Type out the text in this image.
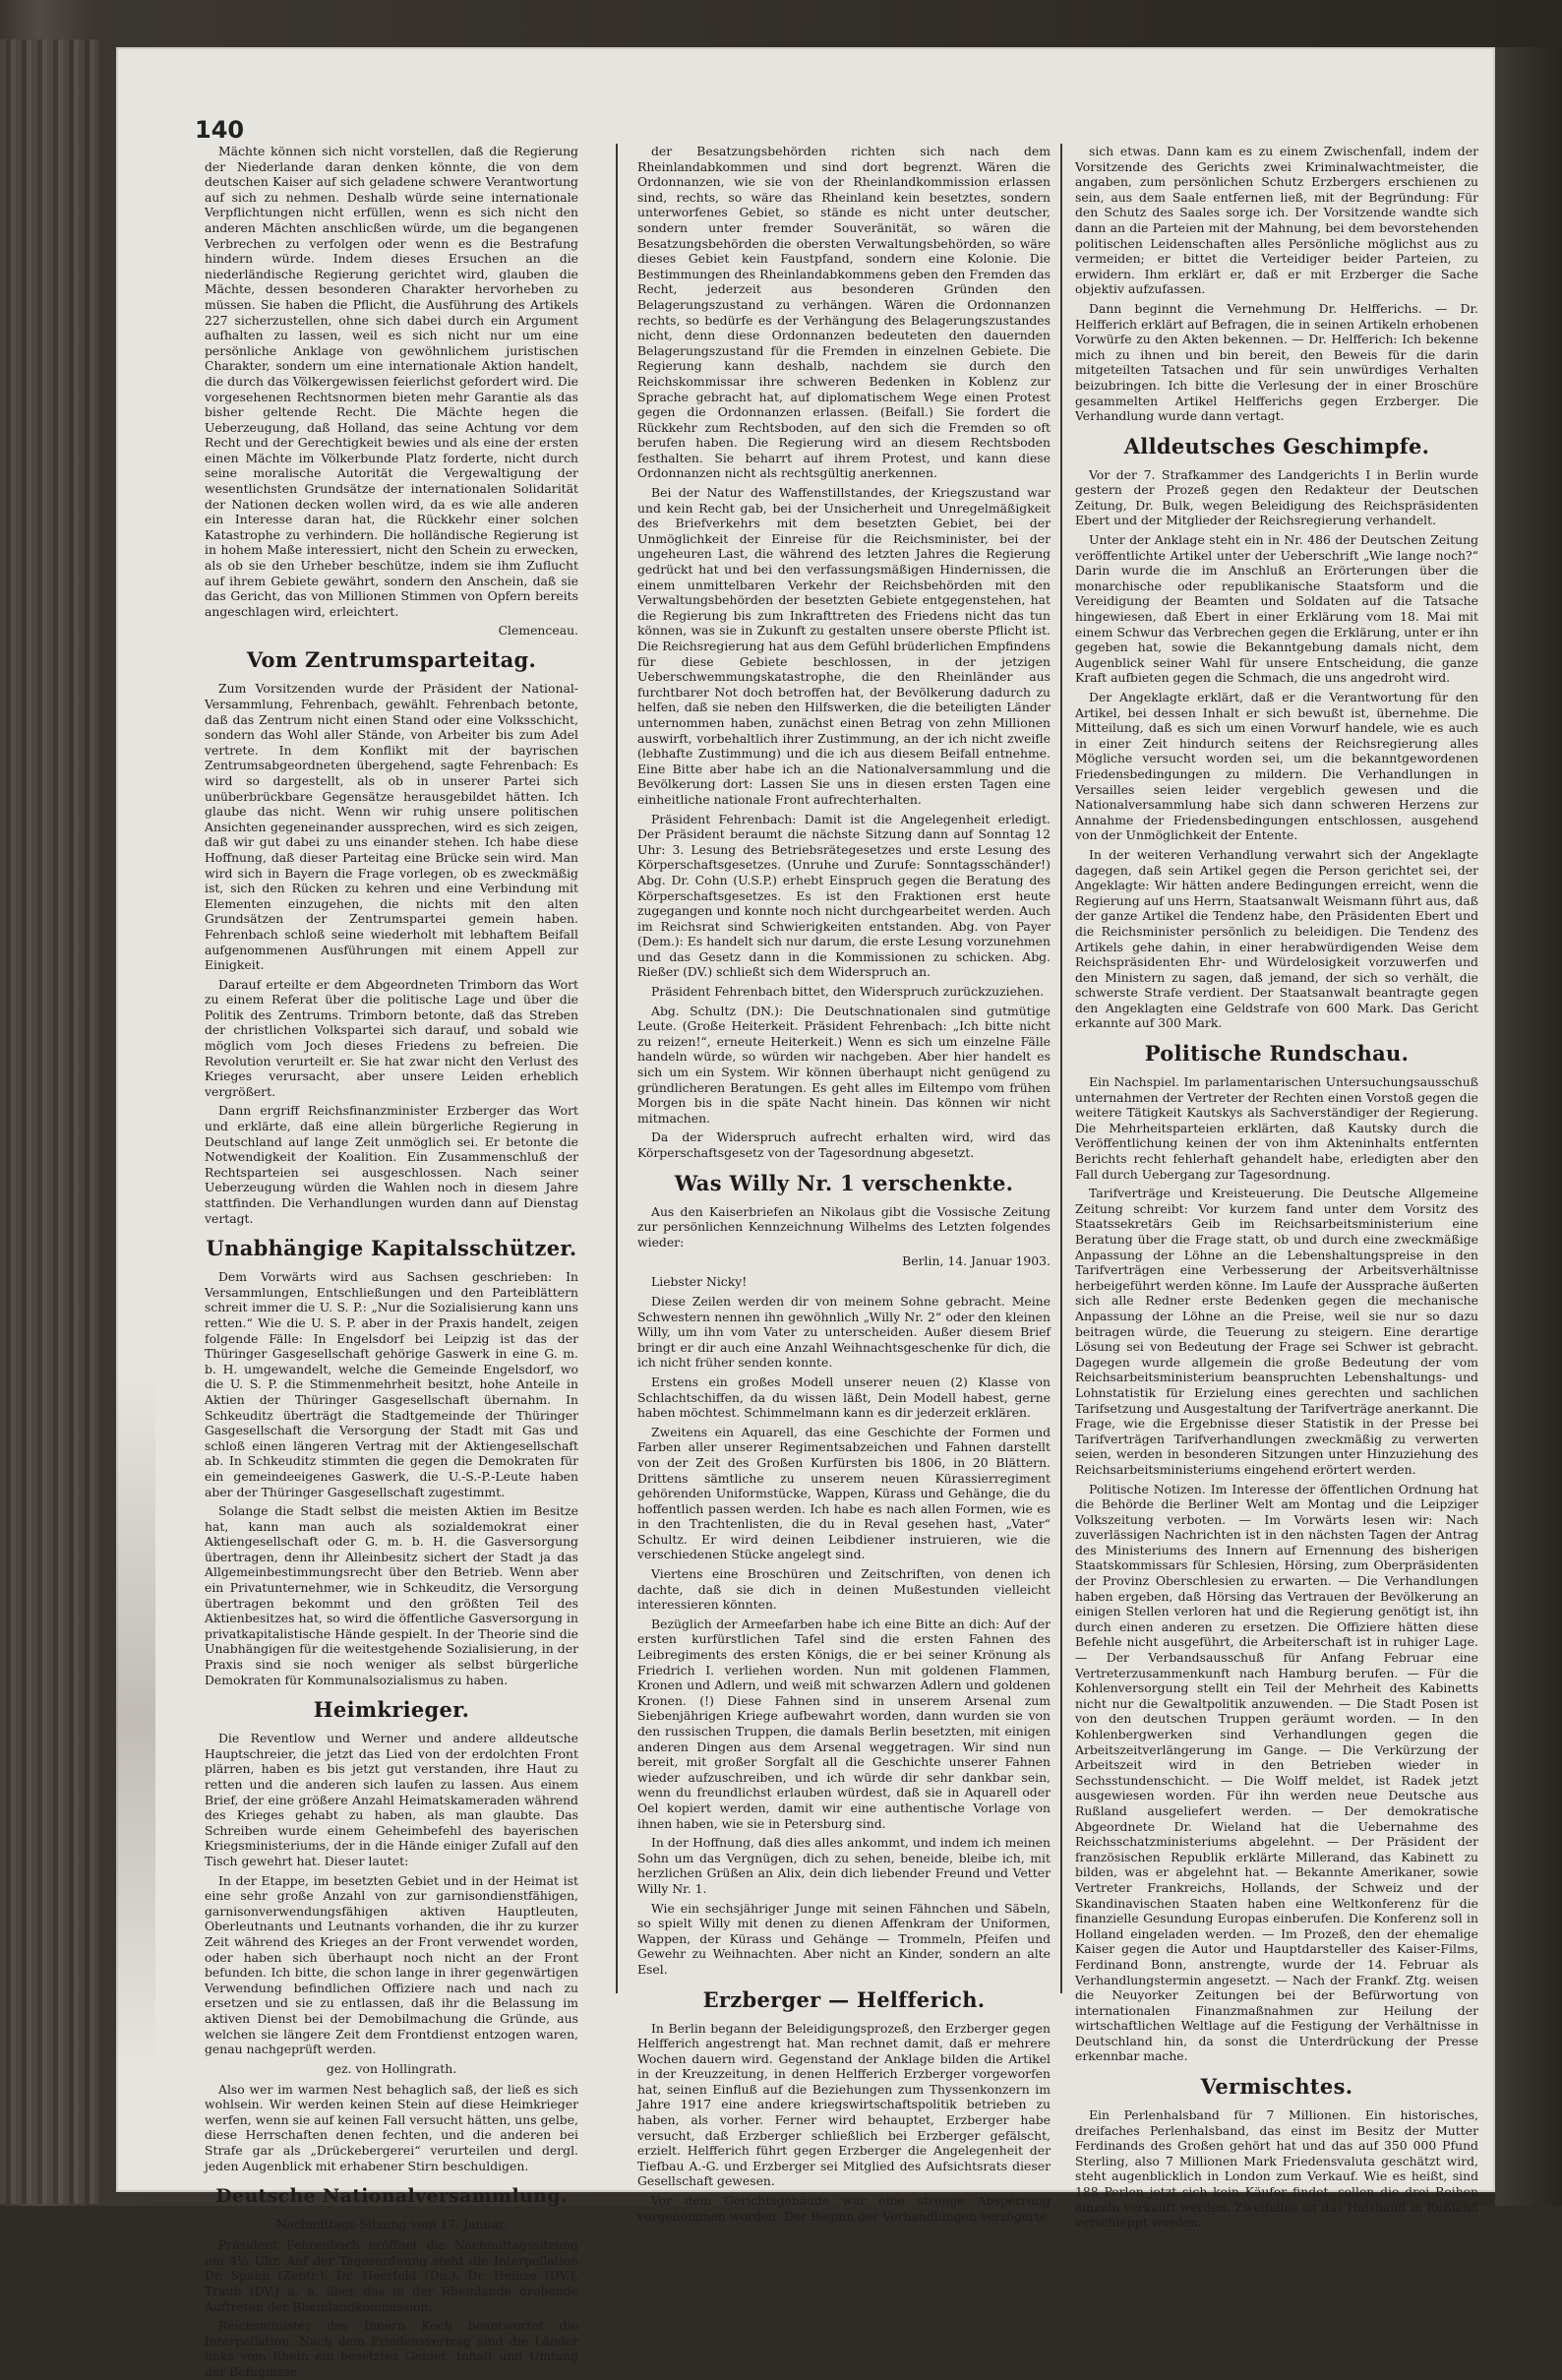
140

Mächte können sich nicht vorstellen, daß die Regierung der Niederlande daran denken könnte, die von dem deutschen Kaiser auf sich geladene schwere Verantwortung auf sich zu nehmen. Deshalb würde seine internationale Verpflichtungen nicht erfüllen, wenn es sich nicht den anderen Mächten anschlicßen würde, um die begangenen Verbrechen zu verfolgen oder wenn es die Bestrafung hindern würde. Indem dieses Ersuchen an die niederländische Regierung gerichtet wird, glauben die Mächte, dessen besonderen Charakter hervorheben zu müssen. Sie haben die Pflicht, die Ausführung des Artikels 227 sicherzustellen, ohne sich dabei durch ein Argument aufhalten zu lassen, weil es sich nicht nur um eine persönliche Anklage von gewöhnlichem juristischen Charakter, sondern um eine internationale Aktion handelt, die durch das Völkergewissen feierlichst gefordert wird. Die vorgesehenen Rechtsnormen bieten mehr Garantie als das bisher geltende Recht. Die Mächte hegen die Ueberzeugung, daß Holland, das seine Achtung vor dem Recht und der Gerechtigkeit bewies und als eine der ersten einen Mächte im Völkerbunde Platz forderte, nicht durch seine moralische Autorität die Vergewaltigung der wesentlichsten Grundsätze der internationalen Solidarität der Nationen decken wollen wird, da es wie alle anderen ein Interesse daran hat, die Rückkehr einer solchen Katastrophe zu verhindern. Die holländische Regierung ist in hohem Maße interessiert, nicht den Schein zu erwecken, als ob sie den Urheber beschütze, indem sie ihm Zuflucht auf ihrem Gebiete gewährt, sondern den Anschein, daß sie das Gericht, das von Millionen Stimmen von Opfern bereits angeschlagen wird, erleichtert.

Clemenceau.

Vom Zentrumsparteitag.

Zum Vorsitzenden wurde der Präsident der National-Versammlung, Fehrenbach, gewählt. Fehrenbach betonte, daß das Zentrum nicht einen Stand oder eine Volksschicht, sondern das Wohl aller Stände, von Arbeiter bis zum Adel vertrete. In dem Konflikt mit der bayrischen Zentrumsabgeordneten übergehend, sagte Fehrenbach: Es wird so dargestellt, als ob in unserer Partei sich unüberbrückbare Gegensätze herausgebildet hätten. Ich glaube das nicht. Wenn wir ruhig unsere politischen Ansichten gegeneinander aussprechen, wird es sich zeigen, daß wir gut dabei zu uns einander stehen. Ich habe diese Hoffnung, daß dieser Parteitag eine Brücke sein wird. Man wird sich in Bayern die Frage vorlegen, ob es zweckmäßig ist, sich den Rücken zu kehren und eine Verbindung mit Elementen einzugehen, die nichts mit den alten Grundsätzen der Zentrumspartei gemein haben. Fehrenbach schloß seine wiederholt mit lebhaftem Beifall aufgenommenen Ausführungen mit einem Appell zur Einigkeit.

Darauf erteilte er dem Abgeordneten Trimborn das Wort zu einem Referat über die politische Lage und über die Politik des Zentrums. Trimborn betonte, daß das Streben der christlichen Volkspartei sich darauf, und sobald wie möglich vom Joch dieses Friedens zu befreien. Die Revolution verurteilt er. Sie hat zwar nicht den Verlust des Krieges verursacht, aber unsere Leiden erheblich vergrößert.

Dann ergriff Reichsfinanzminister Erzberger das Wort und erklärte, daß eine allein bürgerliche Regierung in Deutschland auf lange Zeit unmöglich sei. Er betonte die Notwendigkeit der Koalition. Ein Zusammenschluß der Rechtsparteien sei ausgeschlossen. Nach seiner Ueberzeugung würden die Wahlen noch in diesem Jahre stattfinden. Die Verhandlungen wurden dann auf Dienstag vertagt.

Unabhängige Kapitalsschützer.

Dem Vorwärts wird aus Sachsen geschrieben: In Versammlungen, Entschließungen und den Parteiblättern schreit immer die U. S. P.: „Nur die Sozialisierung kann uns retten.“ Wie die U. S. P. aber in der Praxis handelt, zeigen folgende Fälle: In Engelsdorf bei Leipzig ist das der Thüringer Gasgesellschaft gehörige Gaswerk in eine G. m. b. H. umgewandelt, welche die Gemeinde Engelsdorf, wo die U. S. P. die Stimmenmehrheit besitzt, hohe Anteile in Aktien der Thüringer Gasgesellschaft übernahm. In Schkeuditz überträgt die Stadtgemeinde der Thüringer Gasgesellschaft die Versorgung der Stadt mit Gas und schloß einen längeren Vertrag mit der Aktiengesellschaft ab. In Schkeuditz stimmten die gegen die Demokraten für ein gemeindeeigenes Gaswerk, die U.-S.-P.-Leute haben aber der Thüringer Gasgesellschaft zugestimmt.

Solange die Stadt selbst die meisten Aktien im Besitze hat, kann man auch als sozialdemokrat einer Aktiengesellschaft oder G. m. b. H. die Gasversorgung übertragen, denn ihr Alleinbesitz sichert der Stadt ja das Allgemeinbestimmungsrecht über den Betrieb. Wenn aber ein Privatunternehmer, wie in Schkeuditz, die Versorgung übertragen bekommt und den größten Teil des Aktienbesitzes hat, so wird die öffentliche Gasversorgung in privatkapitalistische Hände gespielt. In der Theorie sind die Unabhängigen für die weitestgehende Sozialisierung, in der Praxis sind sie noch weniger als selbst bürgerliche Demokraten für Kommunalsozialismus zu haben.

Heimkrieger.

Die Reventlow und Werner und andere alldeutsche Hauptschreier, die jetzt das Lied von der erdolchten Front plärren, haben es bis jetzt gut verstanden, ihre Haut zu retten und die anderen sich laufen zu lassen. Aus einem Brief, der eine größere Anzahl Heimatskameraden während des Krieges gehabt zu haben, als man glaubte. Das Schreiben wurde einem Geheimbefehl des bayerischen Kriegsministeriums, der in die Hände einiger Zufall auf den Tisch gewehrt hat. Dieser lautet:

In der Etappe, im besetzten Gebiet und in der Heimat ist eine sehr große Anzahl von zur garnisondienstfähigen, garnisonverwendungsfähigen aktiven Hauptleuten, Oberleutnants und Leutnants vorhanden, die ihr zu kurzer Zeit während des Krieges an der Front verwendet worden, oder haben sich überhaupt noch nicht an der Front befunden. Ich bitte, die schon lange in ihrer gegenwärtigen Verwendung befindlichen Offiziere nach und nach zu ersetzen und sie zu entlassen, daß ihr die Belassung im aktiven Dienst bei der Demobilmachung die Gründe, aus welchen sie längere Zeit dem Frontdienst entzogen waren, genau nachgeprüft werden.

gez. von Hollingrath.

Also wer im warmen Nest behaglich saß, der ließ es sich wohlsein. Wir werden keinen Stein auf diese Heimkrieger werfen, wenn sie auf keinen Fall versucht hätten, uns gelbe, diese Herrschaften denen fechten, und die anderen bei Strafe gar als „Drückebergerei“ verurteilen und dergl. jeden Augenblick mit erhabener Stirn beschuldigen.

Deutsche Nationalversammlung.

Nachmittags-Sitzung vom 17. Januar.

Präsident Fehrenbach eröffnet die Nachmittagssitzung um 4½ Uhr. Auf der Tagesordnung steht die Interpellation Dr. Spahn (Zentr.), Dr. Heerfeld (Dn.), Dr. Heinze (DV.), Traub (DV.) u. a. über das in der Rheinlande drohende Auftreten der Rheinlandkommission.

Reichsminister des Innern Koch beantwortet die Interpellation. Nach dem Friedensvertrag sind die Länder links vom Rhein ein besetztes Gebiet. Inhalt und Umfang der Befugnisse

der Besatzungsbehörden richten sich nach dem Rheinlandabkommen und sind dort begrenzt. Wären die Ordonnanzen, wie sie von der Rheinlandkommission erlassen sind, rechts, so wäre das Rheinland kein besetztes, sondern unterworfenes Gebiet, so stände es nicht unter deutscher, sondern unter fremder Souveränität, so wären die Besatzungsbehörden die obersten Verwaltungsbehörden, so wäre dieses Gebiet kein Faustpfand, sondern eine Kolonie. Die Bestimmungen des Rheinlandabkommens geben den Fremden das Recht, jederzeit aus besonderen Gründen den Belagerungszustand zu verhängen. Wären die Ordonnanzen rechts, so bedürfe es der Verhängung des Belagerungszustandes nicht, denn diese Ordonnanzen bedeuteten den dauernden Belagerungszustand für die Fremden in einzelnen Gebiete. Die Regierung kann deshalb, nachdem sie durch den Reichskommissar ihre schweren Bedenken in Koblenz zur Sprache gebracht hat, auf diplomatischem Wege einen Protest gegen die Ordonnanzen erlassen. (Beifall.) Sie fordert die Rückkehr zum Rechtsboden, auf den sich die Fremden so oft berufen haben. Die Regierung wird an diesem Rechtsboden festhalten. Sie beharrt auf ihrem Protest, und kann diese Ordonnanzen nicht als rechtsgültig anerkennen.

Bei der Natur des Waffenstillstandes, der Kriegszustand war und kein Recht gab, bei der Unsicherheit und Unregelmäßigkeit des Briefverkehrs mit dem besetzten Gebiet, bei der Unmöglichkeit der Einreise für die Reichsminister, bei der ungeheuren Last, die während des letzten Jahres die Regierung gedrückt hat und bei den verfassungsmäßigen Hindernissen, die einem unmittelbaren Verkehr der Reichsbehörden mit den Verwaltungsbehörden der besetzten Gebiete entgegenstehen, hat die Regierung bis zum Inkrafttreten des Friedens nicht das tun können, was sie in Zukunft zu gestalten unsere oberste Pflicht ist. Die Reichsregierung hat aus dem Gefühl brüderlichen Empfindens für diese Gebiete beschlossen, in der jetzigen Ueberschwemmungskatastrophe, die den Rheinländer aus furchtbarer Not doch betroffen hat, der Bevölkerung dadurch zu helfen, daß sie neben den Hilfswerken, die die beteiligten Länder unternommen haben, zunächst einen Betrag von zehn Millionen auswirft, vorbehaltlich ihrer Zustimmung, an der ich nicht zweifle (lebhafte Zustimmung) und die ich aus diesem Beifall entnehme. Eine Bitte aber habe ich an die Nationalversammlung und die Bevölkerung dort: Lassen Sie uns in diesen ersten Tagen eine einheitliche nationale Front aufrechterhalten.

Präsident Fehrenbach: Damit ist die Angelegenheit erledigt. Der Präsident beraumt die nächste Sitzung dann auf Sonntag 12 Uhr: 3. Lesung des Betriebsrätegesetzes und erste Lesung des Körperschaftsgesetzes. (Unruhe und Zurufe: Sonntagsschänder!) Abg. Dr. Cohn (U.S.P.) erhebt Einspruch gegen die Beratung des Körperschaftsgesetzes. Es ist den Fraktionen erst heute zugegangen und konnte noch nicht durchgearbeitet werden. Auch im Reichsrat sind Schwierigkeiten entstanden. Abg. von Payer (Dem.): Es handelt sich nur darum, die erste Lesung vorzunehmen und das Gesetz dann in die Kommissionen zu schicken. Abg. Rießer (DV.) schließt sich dem Widerspruch an.

Präsident Fehrenbach bittet, den Widerspruch zurückzuziehen.

Abg. Schultz (DN.): Die Deutschnationalen sind gutmütige Leute. (Große Heiterkeit. Präsident Fehrenbach: „Ich bitte nicht zu reizen!“, erneute Heiterkeit.) Wenn es sich um einzelne Fälle handeln würde, so würden wir nachgeben. Aber hier handelt es sich um ein System. Wir können überhaupt nicht genügend zu gründlicheren Beratungen. Es geht alles im Eiltempo vom frühen Morgen bis in die späte Nacht hinein. Das können wir nicht mitmachen.

Da der Widerspruch aufrecht erhalten wird, wird das Körperschaftsgesetz von der Tagesordnung abgesetzt.

Was Willy Nr. 1 verschenkte.

Aus den Kaiserbriefen an Nikolaus gibt die Vossische Zeitung zur persönlichen Kennzeichnung Wilhelms des Letzten folgendes wieder:

Berlin, 14. Januar 1903.

Liebster Nicky!

Diese Zeilen werden dir von meinem Sohne gebracht. Meine Schwestern nennen ihn gewöhnlich „Willy Nr. 2“ oder den kleinen Willy, um ihn vom Vater zu unterscheiden. Außer diesem Brief bringt er dir auch eine Anzahl Weihnachtsgeschenke für dich, die ich nicht früher senden konnte.

Erstens ein großes Modell unserer neuen (2) Klasse von Schlachtschiffen, da du wissen läßt, Dein Modell habest, gerne haben möchtest. Schimmelmann kann es dir jederzeit erklären.

Zweitens ein Aquarell, das eine Geschichte der Formen und Farben aller unserer Regimentsabzeichen und Fahnen darstellt von der Zeit des Großen Kurfürsten bis 1806, in 20 Blättern. Drittens sämtliche zu unserem neuen Kürassierregiment gehörenden Uniformstücke, Wappen, Kürass und Gehänge, die du hoffentlich passen werden. Ich habe es nach allen Formen, wie es in den Trachtenlisten, die du in Reval gesehen hast, „Vater“ Schultz. Er wird deinen Leibdiener instruieren, wie die verschiedenen Stücke angelegt sind.

Viertens eine Broschüren und Zeitschriften, von denen ich dachte, daß sie dich in deinen Mußestunden vielleicht interessieren könnten.

Bezüglich der Armeefarben habe ich eine Bitte an dich: Auf der ersten kurfürstlichen Tafel sind die ersten Fahnen des Leibregiments des ersten Königs, die er bei seiner Krönung als Friedrich I. verliehen worden. Nun mit goldenen Flammen, Kronen und Adlern, und weiß mit schwarzen Adlern und goldenen Kronen. (!) Diese Fahnen sind in unserem Arsenal zum Siebenjährigen Kriege aufbewahrt worden, dann wurden sie von den russischen Truppen, die damals Berlin besetzten, mit einigen anderen Dingen aus dem Arsenal weggetragen. Wir sind nun bereit, mit großer Sorgfalt all die Geschichte unserer Fahnen wieder aufzuschreiben, und ich würde dir sehr dankbar sein, wenn du freundlichst erlauben würdest, daß sie in Aquarell oder Oel kopiert werden, damit wir eine authentische Vorlage von ihnen haben, wie sie in Petersburg sind.

In der Hoffnung, daß dies alles ankommt, und indem ich meinen Sohn um das Vergnügen, dich zu sehen, beneide, bleibe ich, mit herzlichen Grüßen an Alix, dein dich liebender Freund und Vetter Willy Nr. 1.

Wie ein sechsjähriger Junge mit seinen Fähnchen und Säbeln, so spielt Willy mit denen zu dienen Affenkram der Uniformen, Wappen, der Kürass und Gehänge — Trommeln, Pfeifen und Gewehr zu Weihnachten. Aber nicht an Kinder, sondern an alte Esel.

Erzberger — Helfferich.

In Berlin begann der Beleidigungsprozeß, den Erzberger gegen Helfferich angestrengt hat. Man rechnet damit, daß er mehrere Wochen dauern wird. Gegenstand der Anklage bilden die Artikel in der Kreuzzeitung, in denen Helfferich Erzberger vorgeworfen hat, seinen Einfluß auf die Beziehungen zum Thyssenkonzern im Jahre 1917 eine andere kriegswirtschaftspolitik betrieben zu haben, als vorher. Ferner wird behauptet, Erzberger habe versucht, daß Erzberger schließlich bei Erzberger gefälscht, erzielt. Helfferich führt gegen Erzberger die Angelegenheit der Tiefbau A.-G. und Erzberger sei Mitglied des Aufsichtsrats dieser Gesellschaft gewesen.

Vor dem Gerichtsgebäude war eine strenge Absperrung vorgenommen worden. Der Beginn der Verhandlungen verzögerte

sich etwas. Dann kam es zu einem Zwischenfall, indem der Vorsitzende des Gerichts zwei Kriminalwachtmeister, die angaben, zum persönlichen Schutz Erzbergers erschienen zu sein, aus dem Saale entfernen ließ, mit der Begründung: Für den Schutz des Saales sorge ich. Der Vorsitzende wandte sich dann an die Parteien mit der Mahnung, bei dem bevorstehenden politischen Leidenschaften alles Persönliche möglichst aus zu vermeiden; er bittet die Verteidiger beider Parteien, zu erwidern. Ihm erklärt er, daß er mit Erzberger die Sache objektiv aufzufassen.

Dann beginnt die Vernehmung Dr. Helfferichs. — Dr. Helfferich erklärt auf Befragen, die in seinen Artikeln erhobenen Vorwürfe zu den Akten bekennen. — Dr. Helfferich: Ich bekenne mich zu ihnen und bin bereit, den Beweis für die darin mitgeteilten Tatsachen und für sein unwürdiges Verhalten beizubringen. Ich bitte die Verlesung der in einer Broschüre gesammelten Artikel Helfferichs gegen Erzberger. Die Verhandlung wurde dann vertagt.

Alldeutsches Geschimpfe.

Vor der 7. Strafkammer des Landgerichts I in Berlin wurde gestern der Prozeß gegen den Redakteur der Deutschen Zeitung, Dr. Bulk, wegen Beleidigung des Reichspräsidenten Ebert und der Mitglieder der Reichsregierung verhandelt.

Unter der Anklage steht ein in Nr. 486 der Deutschen Zeitung veröffentlichte Artikel unter der Ueberschrift „Wie lange noch?“ Darin wurde die im Anschluß an Erörterungen über die monarchische oder republikanische Staatsform und die Vereidigung der Beamten und Soldaten auf die Tatsache hingewiesen, daß Ebert in einer Erklärung vom 18. Mai mit einem Schwur das Verbrechen gegen die Erklärung, unter er ihn gegeben hat, sowie die Bekanntgebung damals nicht, dem Augenblick seiner Wahl für unsere Entscheidung, die ganze Kraft aufbieten gegen die Schmach, die uns angedroht wird.

Der Angeklagte erklärt, daß er die Verantwortung für den Artikel, bei dessen Inhalt er sich bewußt ist, übernehme. Die Mitteilung, daß es sich um einen Vorwurf handele, wie es auch in einer Zeit hindurch seitens der Reichsregierung alles Mögliche versucht worden sei, um die bekanntgewordenen Friedensbedingungen zu mildern. Die Verhandlungen in Versailles seien leider vergeblich gewesen und die Nationalversammlung habe sich dann schweren Herzens zur Annahme der Friedensbedingungen entschlossen, ausgehend von der Unmöglichkeit der Entente.

In der weiteren Verhandlung verwahrt sich der Angeklagte dagegen, daß sein Artikel gegen die Person gerichtet sei, der Angeklagte: Wir hätten andere Bedingungen erreicht, wenn die Regierung auf uns Herrn, Staatsanwalt Weismann führt aus, daß der ganze Artikel die Tendenz habe, den Präsidenten Ebert und die Reichsminister persönlich zu beleidigen. Die Tendenz des Artikels gehe dahin, in einer herabwürdigenden Weise dem Reichspräsidenten Ehr- und Würdelosigkeit vorzuwerfen und den Ministern zu sagen, daß jemand, der sich so verhält, die schwerste Strafe verdient. Der Staatsanwalt beantragte gegen den Angeklagten eine Geldstrafe von 600 Mark. Das Gericht erkannte auf 300 Mark.

Politische Rundschau.

Ein Nachspiel. Im parlamentarischen Untersuchungsausschuß unternahmen der Vertreter der Rechten einen Vorstoß gegen die weitere Tätigkeit Kautskys als Sachverständiger der Regierung. Die Mehrheitsparteien erklärten, daß Kautsky durch die Veröffentlichung keinen der von ihm Akteninhalts entfernten Berichts recht fehlerhaft gehandelt habe, erledigten aber den Fall durch Uebergang zur Tagesordnung.

Tarifverträge und Kreisteuerung. Die Deutsche Allgemeine Zeitung schreibt: Vor kurzem fand unter dem Vorsitz des Staatssekretärs Geib im Reichsarbeitsministerium eine Beratung über die Frage statt, ob und durch eine zweckmäßige Anpassung der Löhne an die Lebenshaltungspreise in den Tarifverträgen eine Verbesserung der Arbeitsverhältnisse herbeigeführt werden könne. Im Laufe der Aussprache äußerten sich alle Redner erste Bedenken gegen die mechanische Anpassung der Löhne an die Preise, weil sie nur so dazu beitragen würde, die Teuerung zu steigern. Eine derartige Lösung sei von Bedeutung der Frage sei Schwer ist gebracht. Dagegen wurde allgemein die große Bedeutung der vom Reichsarbeitsministerium beanspruchten Lebenshaltungs- und Lohnstatistik für Erzielung eines gerechten und sachlichen Tarifsetzung und Ausgestaltung der Tarifverträge anerkannt. Die Frage, wie die Ergebnisse dieser Statistik in der Presse bei Tarifverträgen Tarifverhandlungen zweckmäßig zu verwerten seien, werden in besonderen Sitzungen unter Hinzuziehung des Reichsarbeitsministeriums eingehend erörtert werden.

Politische Notizen. Im Interesse der öffentlichen Ordnung hat die Behörde die Berliner Welt am Montag und die Leipziger Volkszeitung verboten. — Im Vorwärts lesen wir: Nach zuverlässigen Nachrichten ist in den nächsten Tagen der Antrag des Ministeriums des Innern auf Ernennung des bisherigen Staatskommissars für Schlesien, Hörsing, zum Oberpräsidenten der Provinz Oberschlesien zu erwarten. — Die Verhandlungen haben ergeben, daß Hörsing das Vertrauen der Bevölkerung an einigen Stellen verloren hat und die Regierung genötigt ist, ihn durch einen anderen zu ersetzen. Die Offiziere hätten diese Befehle nicht ausgeführt, die Arbeiterschaft ist in ruhiger Lage. — Der Verbandsausschuß für Anfang Februar eine Vertreterzusammenkunft nach Hamburg berufen. — Für die Kohlenversorgung stellt ein Teil der Mehrheit des Kabinetts nicht nur die Gewaltpolitik anzuwenden. — Die Stadt Posen ist von den deutschen Truppen geräumt worden. — In den Kohlenbergwerken sind Verhandlungen gegen die Arbeitszeitverlängerung im Gange. — Die Verkürzung der Arbeitszeit wird in den Betrieben wieder in Sechsstundenschicht. — Die Wolff meldet, ist Radek jetzt ausgewiesen worden. Für ihn werden neue Deutsche aus Rußland ausgeliefert werden. — Der demokratische Abgeordnete Dr. Wieland hat die Uebernahme des Reichsschatzministeriums abgelehnt. — Der Präsident der französischen Republik erklärte Millerand, das Kabinett zu bilden, was er abgelehnt hat. — Bekannte Amerikaner, sowie Vertreter Frankreichs, Hollands, der Schweiz und der Skandinavischen Staaten haben eine Weltkonferenz für die finanzielle Gesundung Europas einberufen. Die Konferenz soll in Holland eingeladen werden. — Im Prozeß, den der ehemalige Kaiser gegen die Autor und Hauptdarsteller des Kaiser-Films, Ferdinand Bonn, anstrengte, wurde der 14. Februar als Verhandlungstermin angesetzt. — Nach der Frankf. Ztg. weisen die Neuyorker Zeitungen bei der Befürwortung von internationalen Finanzmaßnahmen zur Heilung der wirtschaftlichen Weltlage auf die Festigung der Verhältnisse in Deutschland hin, da sonst die Unterdrückung der Presse erkennbar mache.

Vermischtes.

Ein Perlenhalsband für 7 Millionen. Ein historisches, dreifaches Perlenhalsband, das einst im Besitz der Mutter Ferdinands des Großen gehört hat und das auf 350 000 Pfund Sterling, also 7 Millionen Mark Friedensvaluta geschätzt wird, steht augenblicklich in London zum Verkauf. Wie es heißt, sind 188 Perlen jetzt sich kein Käufer findet, sollen die drei Reihen einzeln verkauft werden. Zweifellos ist das Halsband in Rußland verschleppt worden.
